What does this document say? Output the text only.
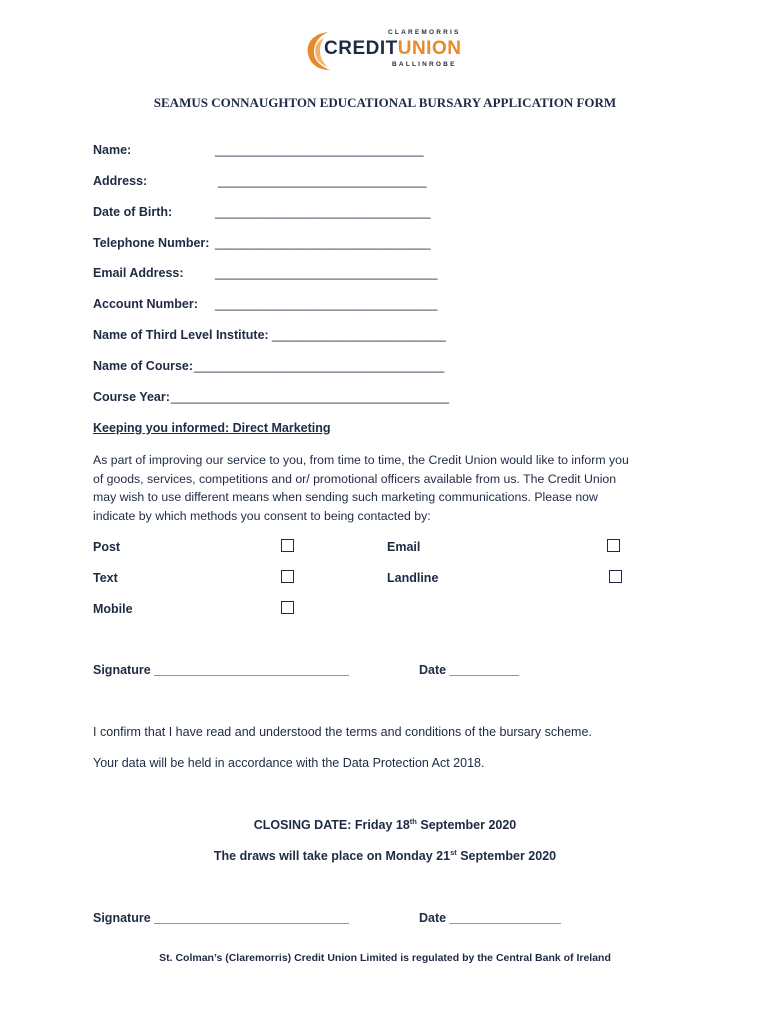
CLAREMORRIS
CREDITUNION
BALLINROBE
SEAMUS CONNAUGHTON EDUCATIONAL BURSARY APPLICATION FORM
Name:	______________________________
Address:	______________________________
Date of Birth:	_______________________________
Telephone Number: _______________________________
Email Address:	________________________________
Account Number: ________________________________
Name of Third Level Institute: _________________________
Name of Course: ____________________________________
Course Year: ________________________________________
Keeping you informed: Direct Marketing
As part of improving our service to you, from time to time, the Credit Union would like to inform you
of goods, services, competitions and or/ promotional officers available from us. The Credit Union
may wish to use different means when sending such marketing communications. Please now
indicate by which methods you consent to being contacted by:
Post	Email
Text	Landline
Mobile
Signature ____________________________	Date __________
I confirm that I have read and understood the terms and conditions of the bursary scheme.
Your data will be held in accordance with the Data Protection Act 2018.
CLOSING DATE: Friday 18th September 2020
The draws will take place on Monday 21st September 2020
Signature ____________________________	Date ________________
St. Colman’s (Claremorris) Credit Union Limited is regulated by the Central Bank of Ireland
